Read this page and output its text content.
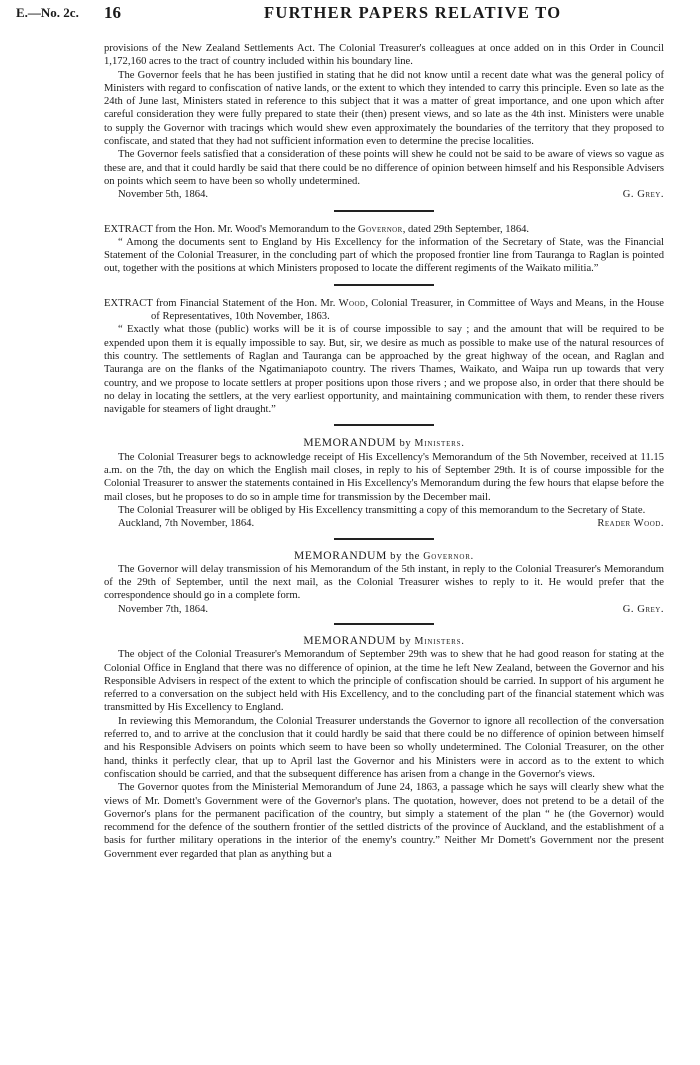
E.—No. 2c. 16	FURTHER PAPERS RELATIVE TO

provisions of the New Zealand Settlements Act. The Colonial Treasurer's colleagues at once added on in this Order in Council 1,172,160 acres to the tract of country included within his boundary line.

The Governor feels that he has been justified in stating that he did not know until a recent date what was the general policy of Ministers with regard to confiscation of native lands, or the extent to which they intended to carry this principle. Even so late as the 24th of June last, Ministers stated in reference to this subject that it was a matter of great importance, and one upon which after careful consideration they were fully prepared to state their (then) present views, and so late as the 4th inst. Ministers were unable to supply the Governor with tracings which would shew even approximately the boundaries of the territory that they proposed to confiscate, and stated that they had not sufficient information even to determine the precise localities.

The Governor feels satisfied that a consideration of these points will shew he could not be said to be aware of views so vague as these are, and that it could hardly be said that there could be no difference of opinion between himself and his Responsible Advisers on points which seem to have been so wholly undetermined.

November 5th, 1864.	G. Grey.

EXTRACT from the Hon. Mr. Wood's Memorandum to the Governor, dated 29th September, 1864.

“ Among the documents sent to England by His Excellency for the information of the Secretary of State, was the Financial Statement of the Colonial Treasurer, in the concluding part of which the proposed frontier line from Tauranga to Raglan is pointed out, together with the positions at which Ministers proposed to locate the different regiments of the Waikato militia.”

EXTRACT from Financial Statement of the Hon. Mr. Wood, Colonial Treasurer, in Committee of Ways and Means, in the House of Representatives, 10th November, 1863.

“ Exactly what those (public) works will be it is of course impossible to say ; and the amount that will be required to be expended upon them it is equally impossible to say. But, sir, we desire as much as possible to make use of the natural resources of this country. The settlements of Raglan and Tauranga can be approached by the great highway of the ocean, and Raglan and Tauranga are on the flanks of the Ngatimaniapoto country. The rivers Thames, Waikato, and Waipa run up towards that very country, and we propose to locate settlers at proper positions upon those rivers ; and we propose also, in order that there should be no delay in locating the settlers, at the very earliest opportunity, and maintaining communication with them, to render these rivers navigable for steamers of light draught.”

MEMORANDUM by Ministers.

The Colonial Treasurer begs to acknowledge receipt of His Excellency's Memorandum of the 5th November, received at 11.15 a.m. on the 7th, the day on which the English mail closes, in reply to his of September 29th. It is of course impossible for the Colonial Treasurer to answer the statements contained in His Excellency's Memorandum during the few hours that elapse before the mail closes, but he proposes to do so in ample time for transmission by the December mail.

The Colonial Treasurer will be obliged by His Excellency transmitting a copy of this memorandum to the Secretary of State.

Auckland, 7th November, 1864.	Reader Wood.

MEMORANDUM by the Governor.

The Governor will delay transmission of his Memorandum of the 5th instant, in reply to the Colonial Treasurer's Memorandum of the 29th of September, until the next mail, as the Colonial Treasurer wishes to reply to it. He would prefer that the correspondence should go in a complete form.

November 7th, 1864.	G. Grey.

MEMORANDUM by Ministers.

The object of the Colonial Treasurer's Memorandum of September 29th was to shew that he had good reason for stating at the Colonial Office in England that there was no difference of opinion, at the time he left New Zealand, between the Governor and his Responsible Advisers in respect of the extent to which the principle of confiscation should be carried. In support of his argument he referred to a conversation on the subject held with His Excellency, and to the concluding part of the financial statement which was transmitted by His Excellency to England.

In reviewing this Memorandum, the Colonial Treasurer understands the Governor to ignore all recollection of the conversation referred to, and to arrive at the conclusion that it could hardly be said that there could be no difference of opinion between himself and his Responsible Advisers on points which seem to have been so wholly undetermined. The Colonial Treasurer, on the other hand, thinks it perfectly clear, that up to April last the Governor and his Ministers were in accord as to the extent to which confiscation should be carried, and that the subsequent difference has arisen from a change in the Governor's views.

The Governor quotes from the Ministerial Memorandum of June 24, 1863, a passage which he says will clearly shew what the views of Mr. Domett's Government were of the Governor's plans. The quotation, however, does not pretend to be a detail of the Governor's plans for the permanent pacification of the country, but simply a statement of the plan “ he (the Governor) would recommend for the defence of the southern frontier of the settled districts of the province of Auckland, and the establishment of a basis for further military operations in the interior of the enemy's country.” Neither Mr Domett's Government nor the present Government ever regarded that plan as anything but a
